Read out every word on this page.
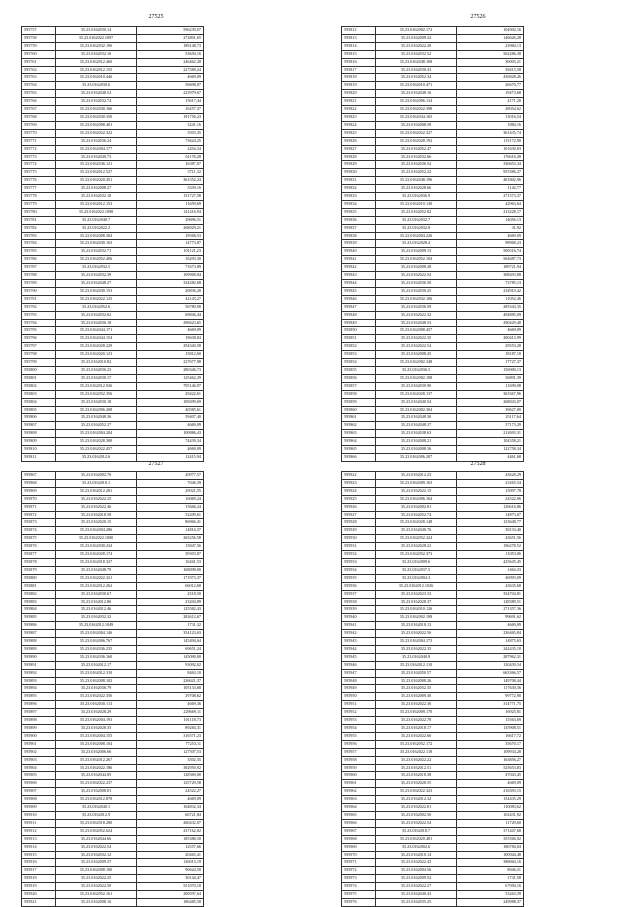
27525
595757	35.23.0162030.14	596239,07
595758	35.23.0162022.1097	272801,65
595759	35.23.0162032.196	189148,73
595760	35.23.0162032.16	53650,16
595761	35.23.0162012.460	246462,28
595762	35.23.0162012.155	227589,24
595763	35.23.0162010.446	4669,09
595764	35.23.0162030.6	56698,07
595765	35.23.0162048.52	223979,67
595766	35.23.0162032.74	15617,44
595767	35.23.0162030.166	16257,37
595768	35.23.0162030.350	191756,23
595769	35.23.0162008.401	3241,16
595770	35.23.0162022.322	3503,35
595771	35.23.0162036.24	73624,25
595772	35.23.0162004.177	2454,34
595773	35.23.0162040.73	61176,28
595774	35.23.0162036.121	16387,07
595775	35.23.0162012.527	5711,32
595776	35.23.0162020.451	361352,24
595777	35.23.0162008.27	3339,16
595778	35.23.0162032.18	151727,58
595779	35.23.0162012.153	11659,69
595780	35.23.0162022.1098	141416,94
595781	35.23.0162040.7	29696,51
595782	35.23.0162022.2	268029,21
595783	35.23.0162008.304	19568,53
595784	35.23.0162030.163	14773,87
595785	35.23.0162032.71	101121,23
595786	35.23.0162052.406	16293,30
595787	35.23.0162032.5	71673,89
595788	35.23.0162032.39	109968,84
595789	35.23.0162048.27	334282,68
595790	35.23.0162030.153	20836,20
595791	35.23.0162022.125	42143,27
595792	35.23.0162052.6	56780,90
595793	35.23.0162032.62	69846,44
595794	35.23.0162036.18	296623,65
595795	35.23.0162044.171	4669,09
595796	35.23.0162044.154	19638,84
595797	35.23.0162028.229	294340,58
595798	35.23.0162020.123	15812,60
595799	35.23.0162010.82	227677,98
595800	35.23.0162036.23	280346,73
595801	35.23.0162030.17	125462,29
595802	35.23.0162012.926	795146,97
595803	35.23.0162052.356	29422,61
595804	35.23.0162030.18	109499,69
595805	35.23.0162006.208	40585,61
595806	35.23.0162048.36	59407,40
595807	35.23.0162052.37	4669,09
595808	35.23.0162004.204	100886,43
595809	35.23.0162028.300	74439,34
595810	35.23.0162022.457	4669,09
595811	35.23.0162012.6	12415,94
27526
595812	35.23.0162002.172	104902,16
595813	35.23.0162009.32	146626,28
595814	35.23.0162022.20	23960,13
595815	35.23.0162032.52	562286,30
595816	35.23.0162048.108	30003,21
595817	35.23.0162030.33	39415,58
595818	35.23.0162052.34	436828,26
595819	35.23.0162010.471	26670,77
595820	35.23.0162048.16	19473,68
595821	35.23.0162006.134	4171,20
595822	35.23.0162022.398	28054,62
595823	35.23.0162044.165	13016,54
595824	35.23.0162008.58	1884,16
595825	35.23.0162022.327	361435,74
595826	35.23.0162028.192	115172,90
595827	35.23.0162052.47	101630,03
595828	35.23.0162032.66	176616,49
595829	35.23.0162036.52	330653,34
595830	35.23.0162052.22	955386,27
595831	35.23.0162048.196	481802,96
595832	35.23.0162028.66	1142,77
595833	35.23.0162036.9	271573,37
595834	35.23.0162010.130	42963,64
595835	35.23.0162052.82	213228,17
595836	35.23.0162032.7	14056,13
595837	35.23.0162032.8	31,92
595838	35.23.0162004.226	4669,09
595839	35.23.0162028.4	98968,23
595840	35.23.0162009.13	500516,74
595841	35.23.0162052.104	564687,73
595842	35.23.0162008.28	189721,94
595843	35.23.0162022.54	308493,88
595844	35.23.0162036.50	72785,13
595845	35.23.0162030.25	234910,42
595846	35.23.0162032.106	11052,46
595847	35.23.0162036.59	285343,35
595848	35.23.0162022.32	494885,09
595849	35.23.0162048.53	290429,40
595850	35.23.0162008.457	4669,09
595851	35.23.0162022.35	200413,99
595852	35.23.0162022.54	29553,28
595853	35.23.0162008.45	18187,10
595854	35.23.0162002.348	17727,37
595855	35.23.0162036.5	156900,13
595856	35.23.0162002.108	36891,39
595857	35.23.0162030.90	11690,08
595858	35.23.0162028.137	363367,96
595859	35.23.0162040.54	268043,07
595860	35.23.0162002.304	39627,00
595861	35.23.0162048.30	25117,64
595862	35.23.0162048.37	57173,29
595863	35.23.0162038.63	212693,31
595864	35.23.0162008.21	104358,21
595865	35.23.0162008.36	122758,34
595866	35.23.0162006.207	4461,68
27527
595867	35.23.0162002.76	20977,57
595868	35.23.0162010.1	7046,39
595869	35.23.0162012.281	29021,55
595870	35.23.0162022.25	16069,24
595871	35.23.0162022.46	15666,24
595872	35.23.0162018.58	52209,61
595873	35.23.0162020.15	86966,41
595874	35.23.0162004.286	14816,37
595875	35.23.0162022.1000	265256,58
595876	35.23.0162030.234	15847,56
595877	35.23.0162028.174	39303,87
595878	35.23.0162018.327	16261,53
595879	35.23.0162048.79	168098,00
595880	35.23.0162022.321	171973,37
595881	35.23.0162012.262	66012,68
595882	35.23.0162030.67	2518,50
595883	35.23.0162012.86	23204,89
595884	35.23.0162012.46	125582,43
595885	35.23.0162032.32	282612,67
595886	35.23.0162012.1049	1731,32
595887	35.23.0162004.146	354123,63
595888	35.23.0162006.767	145494,64
595889	35.23.0162036.235	69651,24
595890	35.23.0162036.160	145090,00
595891	35.23.0162012.17	93092,02
595892	35.23.0162012.310	8463,10
595893	35.23.0162008.102	226621,37
595894	35.23.0162036.79	105133,68
595895	35.23.0162022.356	29708,62
595896	35.23.0162030.113	4669,36
595897	35.23.0162028.29	229669,11
595898	35.23.0162004.193	101118,73
595899	35.23.0162028.35	89284,31
595900	35.23.0162004.155	316571,23
595901	35.23.0162008.104	77253,11
595902	35.23.0162006.66	127507,53
595903	35.23.0162012.267	3502,35
595904	35.23.0162022.186	382950,92
595905	35.23.0162044.85	128369,00
595906	35.23.0162022.237	125729,58
595907	35.23.0162008.81	24522,27
595908	35.23.0162012.878	4669,09
595909	35.23.0162040.1	164832,34
595910	35.23.0162012.9	66721,84
595911	35.23.0162018.280	260432,07
595912	35.23.0162052.624	237162,02
595913	35.23.0162044.66	185386,50
595914	35.23.0162022.54	12557,66
595915	35.23.0162032.12	20465,41
595916	35.23.0162009.37	126013,19
595917	35.23.0162008.100	90624,50
595918	35.23.0162022.25	30144,47
595919	35.23.0162022.50	551070,10
595920	35.23.0162052.161	200597,64
595921	35.23.0162008.16	186485,50
27528
595922	35.23.0162012.23	43628,29
595923	35.23.0162009.163	23265,54
595924	35.23.0162022.15	15097,78
595925	35.23.0162006.164	24522,06
595926	35.23.0162002.81	126616,86
595927	35.23.0162052.74	14873,67
595928	35.23.0162028.148	123648,77
595929	35.23.0162040.76	30133,40
595930	35.23.0162052.224	43651,56
595931	35.23.0162028.22	196278,52
595932	35.23.0162052.373	11053,06
595933	35.23.0162009.6	425645,45
595934	35.23.0162037.5	1464,33
595935	35.23.0162004.3	46993,09
595936	35.23.0162012.1026	43635,68
595937	35.23.0162023.33	354704,81
595938	35.23.0162028.37	128389,51
595939	35.23.0162010.126	271357,36
595940	35.23.0162002.198	99691,62
595941	35.23.0162018.13	4669,09
595942	35.23.0162022.56	236465,84
595943	35.23.0162004.173	14875,63
595944	35.23.0162022.35	242435,10
595945	35.23.0162040.8	287962,31
595946	35.23.0162012.110	120439,54
595947	35.23.0162050.57	663366,57
595948	35.23.0162008.26	149708,44
595949	35.23.0162052.35	117630,36
595950	35.23.0162009.30	99772,90
595951	35.23.0162022.36	314771,75
595952	35.23.0162009.170	16925,81
595953	35.23.0162022.78	15563,69
595954	35.23.0162018.17	135908,51
595955	35.23.0162022.66	16617,72
595956	35.23.0162052.172	35670,17
595957	35.23.0162022.118	109934,28
595958	35.23.0162022.22	163856,27
595959	35.23.0162012.51	525653,83
595960	35.23.0162018.38	47043,45
595961	35.23.0162028.55	4669,09
595962	35.23.0162022.323	216393,15
595963	35.23.0162012.32	154435,29
595964	35.23.0162022.81	110083,62
595965	35.23.0162002.56	102431,92
595966	35.23.0162022.54	11729,60
595967	35.23.0162018.7	371447,68
595968	35.23.0162020.481	355566,02
595969	35.23.0162002.6	186784,04
595970	35.23.0162010.14	100944,48
595971	35.23.0162022.43	388064,16
595972	35.23.0162004.56	8046,31
595973	35.23.0162009.52	1731,58
595974	35.23.0162022.27	67950,16
595975	35.23.0162040.43	53263,39
595976	35.23.0162035.25	249988,37
